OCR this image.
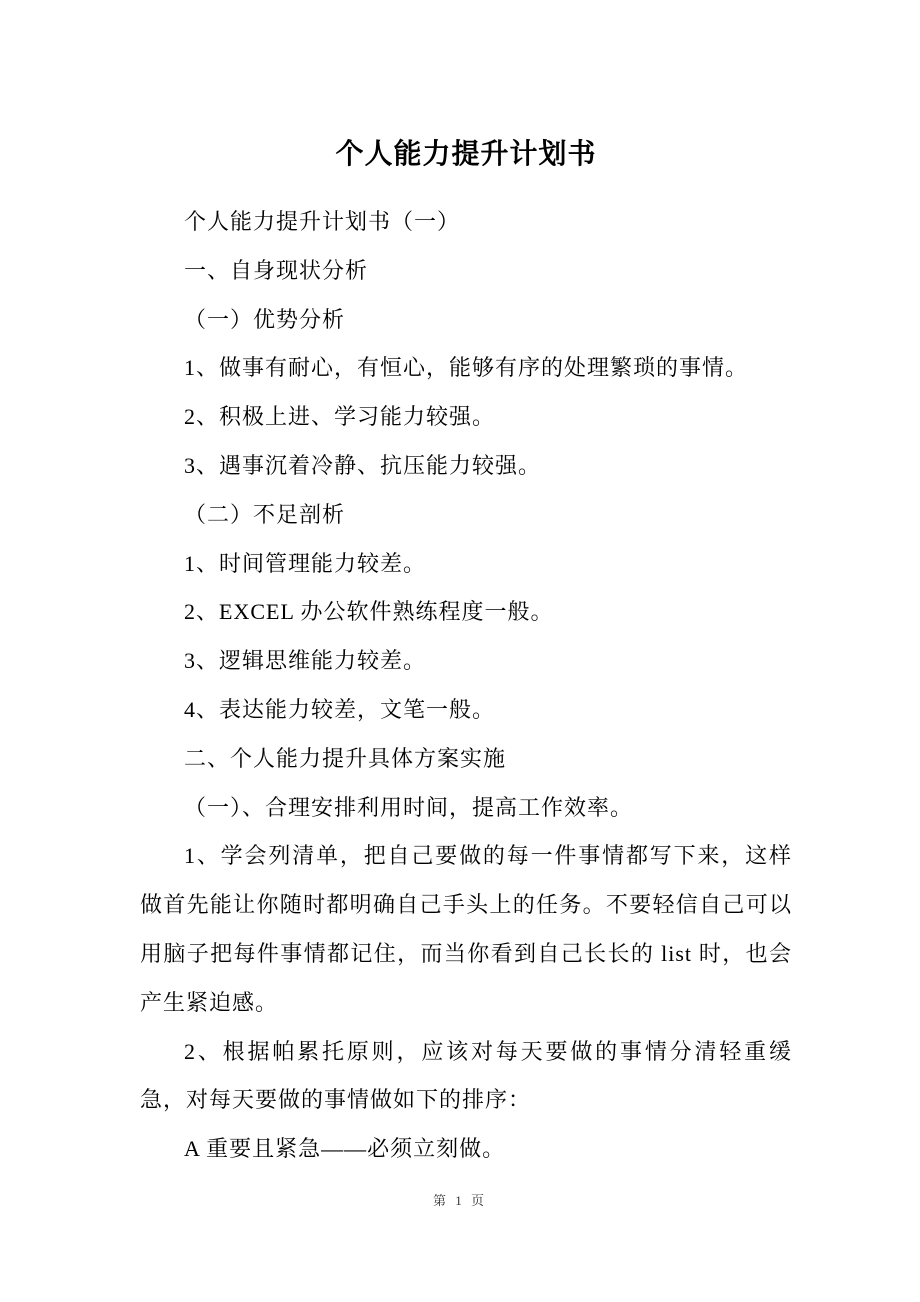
个人能力提升计划书

个人能力提升计划书（一）

一、自身现状分析

（一）优势分析

1、做事有耐心，有恒心，能够有序的处理繁琐的事情。

2、积极上进、学习能力较强。

3、遇事沉着冷静、抗压能力较强。

（二）不足剖析

1、时间管理能力较差。

2、EXCEL 办公软件熟练程度一般。

3、逻辑思维能力较差。

4、表达能力较差，文笔一般。

二、个人能力提升具体方案实施

（一）、合理安排利用时间，提高工作效率。

1、学会列清单，把自己要做的每一件事情都写下来，这样做首先能让你随时都明确自己手头上的任务。不要轻信自己可以用脑子把每件事情都记住，而当你看到自己长长的 list 时，也会产生紧迫感。

2、根据帕累托原则，应该对每天要做的事情分清轻重缓急，对每天要做的事情做如下的排序：

A 重要且紧急——必须立刻做。

第 1 页
